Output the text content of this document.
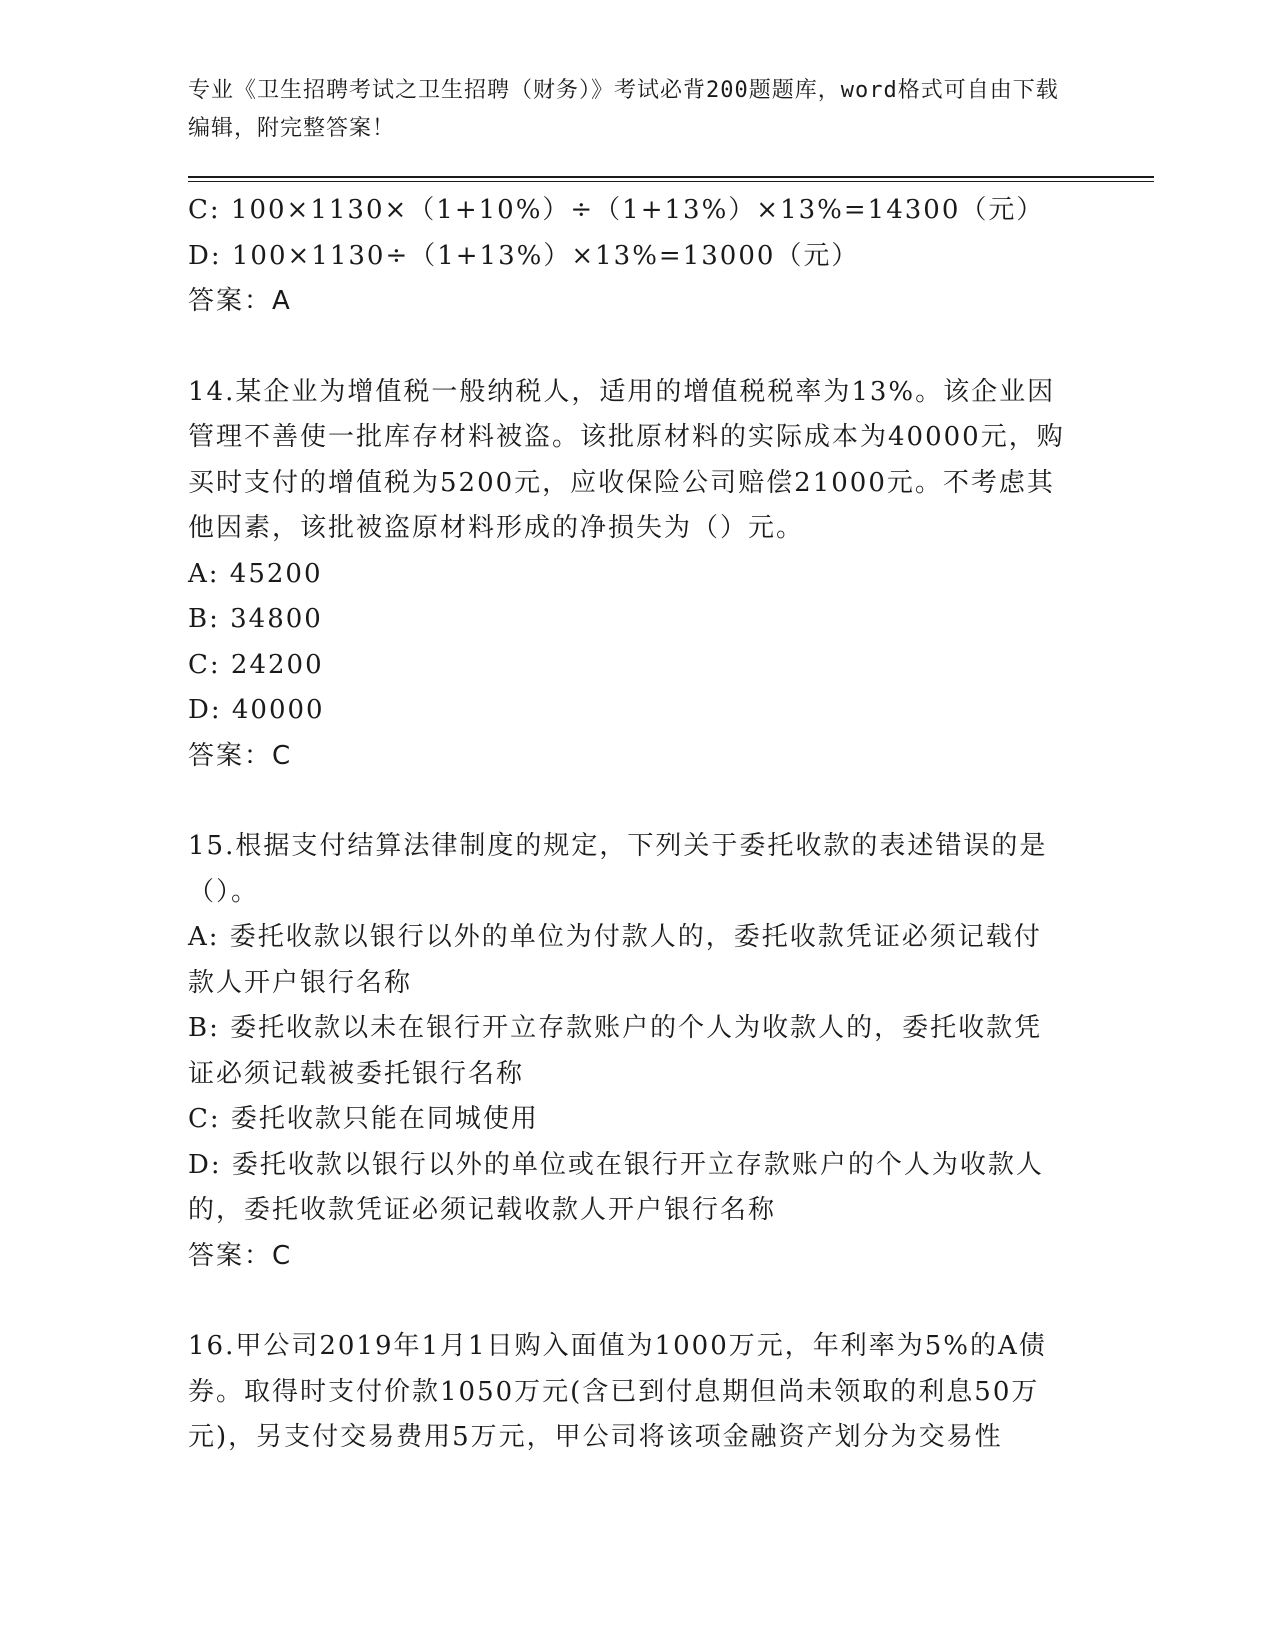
专业《卫生招聘考试之卫生招聘（财务）》考试必背200题题库，word格式可自由下载编辑，附完整答案！
C: 100×1130×（1+10%）÷（1+13%）×13%=14300（元）
D: 100×1130÷（1+13%）×13%=13000（元）
答案：A
14.某企业为增值税一般纳税人，适用的增值税税率为13%。该企业因管理不善使一批库存材料被盗。该批原材料的实际成本为40000元，购买时支付的增值税为5200元，应收保险公司赔偿21000元。不考虑其他因素，该批被盗原材料形成的净损失为（）元。
A: 45200
B: 34800
C: 24200
D: 40000
答案：C
15.根据支付结算法律制度的规定，下列关于委托收款的表述错误的是（）。
A: 委托收款以银行以外的单位为付款人的，委托收款凭证必须记载付款人开户银行名称
B: 委托收款以未在银行开立存款账户的个人为收款人的，委托收款凭证必须记载被委托银行名称
C: 委托收款只能在同城使用
D: 委托收款以银行以外的单位或在银行开立存款账户的个人为收款人的，委托收款凭证必须记载收款人开户银行名称
答案：C
16.甲公司2019年1月1日购入面值为1000万元，年利率为5%的A债券。取得时支付价款1050万元(含已到付息期但尚未领取的利息50万元)，另支付交易费用5万元，甲公司将该项金融资产划分为交易性
